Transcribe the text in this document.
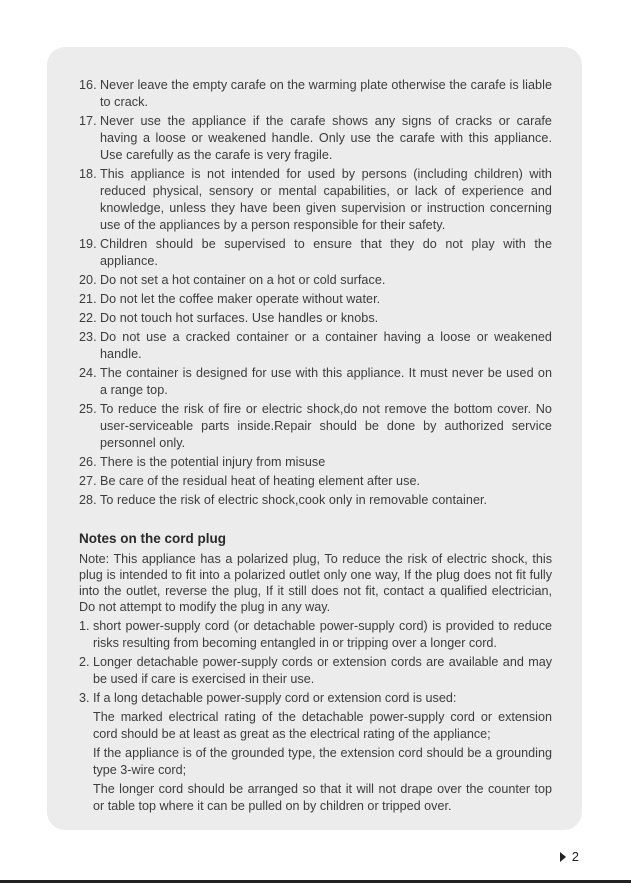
16. Never leave the empty carafe on the warming plate otherwise the carafe is liable to crack.
17. Never use the appliance if the carafe shows any signs of cracks or carafe having a loose or weakened handle. Only use the carafe with this appliance. Use carefully as the carafe is very fragile.
18. This appliance is not intended for used by persons (including children) with reduced physical, sensory or mental capabilities, or lack of experience and knowledge, unless they have been given supervision or instruction concerning use of the appliances by a person responsible for their safety.
19. Children should be supervised to ensure that they do not play with the appliance.
20. Do not set a hot container on a hot or cold surface.
21. Do not let the coffee maker operate without water.
22. Do not touch hot surfaces. Use handles or knobs.
23. Do not use a cracked container or a container having a loose or weakened handle.
24. The container is designed for use with this appliance. It must never be used on a range top.
25. To reduce the risk of fire or electric shock,do not remove the bottom cover. No user-serviceable parts inside.Repair should be done by authorized service personnel only.
26. There is the potential injury from misuse
27. Be care of the residual heat of heating element after use.
28. To reduce the risk of electric shock,cook only in removable container.
Notes on the cord plug

Note: This appliance has a polarized plug, To reduce the risk of electric shock, this plug is intended to fit into a polarized outlet only one way, If the plug does not fit fully into the outlet, reverse the plug, If it still does not fit, contact a qualified electrician, Do not attempt to modify the plug in any way.

1. short power-supply cord (or detachable power-supply cord) is provided to reduce risks resulting from becoming entangled in or tripping over a longer cord.
2. Longer detachable power-supply cords or extension cords are available and may be used if care is exercised in their use.
3. If a long detachable power-supply cord or extension cord is used:
The marked electrical rating of the detachable power-supply cord or extension cord should be at least as great as the electrical rating of the appliance;
If the appliance is of the grounded type, the extension cord should be a grounding type 3-wire cord;
The longer cord should be arranged so that it will not drape over the counter top or table top where it can be pulled on by children or tripped over.
2
